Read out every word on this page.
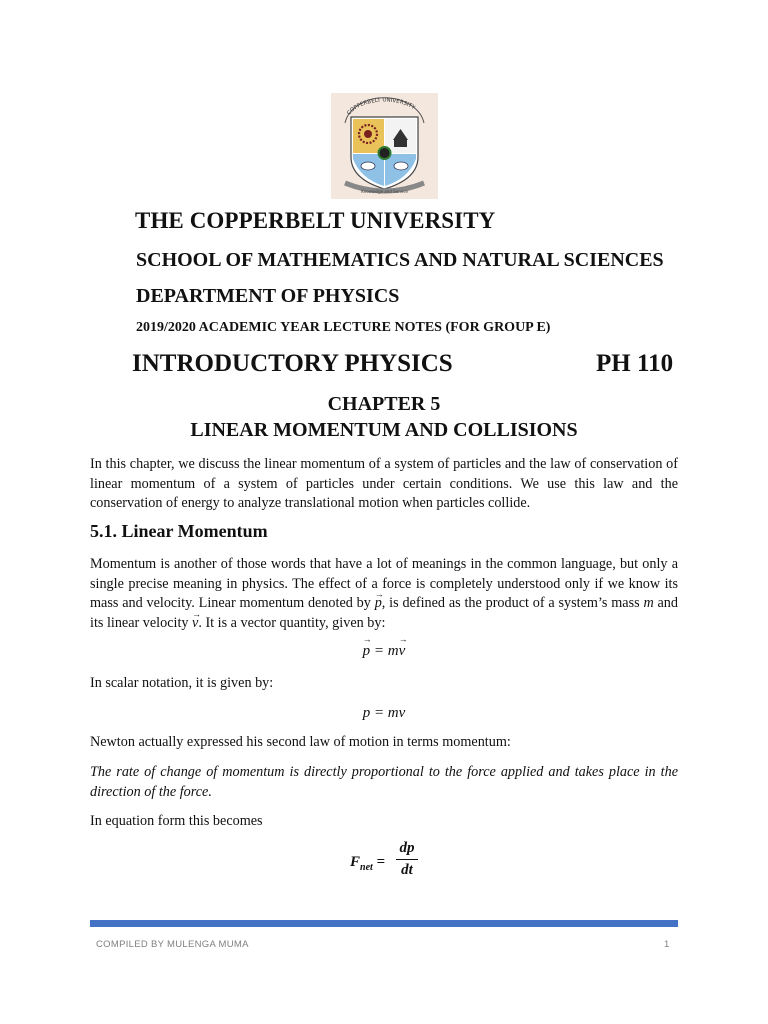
COPPERBELT UNIVERSITY
Knowledge and Service
THE COPPERBELT UNIVERSITY
SCHOOL OF MATHEMATICS AND NATURAL SCIENCES
DEPARTMENT OF PHYSICS
2019/2020 ACADEMIC YEAR LECTURE NOTES (FOR GROUP E)
INTRODUCTORY PHYSICS	PH 110
CHAPTER 5
LINEAR MOMENTUM AND COLLISIONS

In this chapter, we discuss the linear momentum of a system of particles and the law of conservation of linear momentum of a system of particles under certain conditions. We use this law and the conservation of energy to analyze translational motion when particles collide.

5.1. Linear Momentum

Momentum is another of those words that have a lot of meanings in the common language, but only a single precise meaning in physics. The effect of a force is completely understood only if we know its mass and velocity. Linear momentum denoted by → p, is defined as the product of a system’s mass m and its linear velocity → v. It is a vector quantity, given by:

→ p = m→ v

In scalar notation, it is given by:

p = mv

Newton actually expressed his second law of motion in terms momentum:

The rate of change of momentum is directly proportional to the force applied and takes place in the direction of the force.

In equation form this becomes

$F_{net}$ =
dp
dt
COMPILED BY MULENGA MUMA	1
